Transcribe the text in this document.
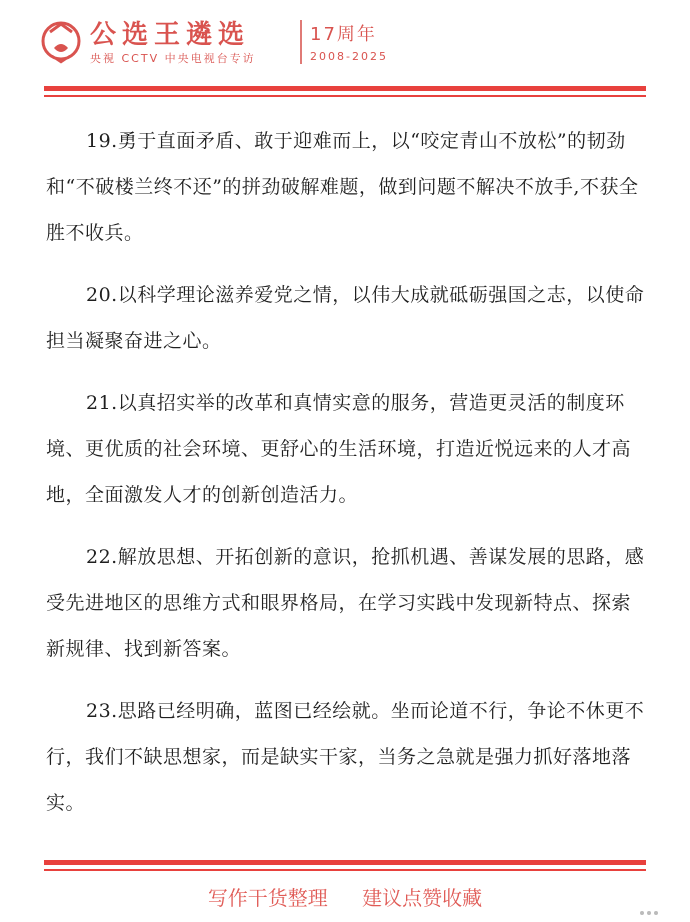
公选王遴选
央視 CCTV 中央电视台专访
17周年
2008-2025

19.勇于直面矛盾、敢于迎难而上，以“咬定青山不放松”的韧劲和“不破楼兰终不还”的拼劲破解难题，做到问题不解决不放手,不获全胜不收兵。

20.以科学理论滋养爱党之情，以伟大成就砥砺强国之志，以使命担当凝聚奋进之心。

21.以真招实举的改革和真情实意的服务，营造更灵活的制度环境、更优质的社会环境、更舒心的生活环境，打造近悦远来的人才高地，全面激发人才的创新创造活力。

22.解放思想、开拓创新的意识，抢抓机遇、善谋发展的思路，感受先进地区的思维方式和眼界格局，在学习实践中发现新特点、探索新规律、找到新答案。

23.思路已经明确，蓝图已经绘就。坐而论道不行，争论不休更不行，我们不缺思想家，而是缺实干家，当务之急就是强力抓好落地落实。

写作干货整理 建议点赞收藏
